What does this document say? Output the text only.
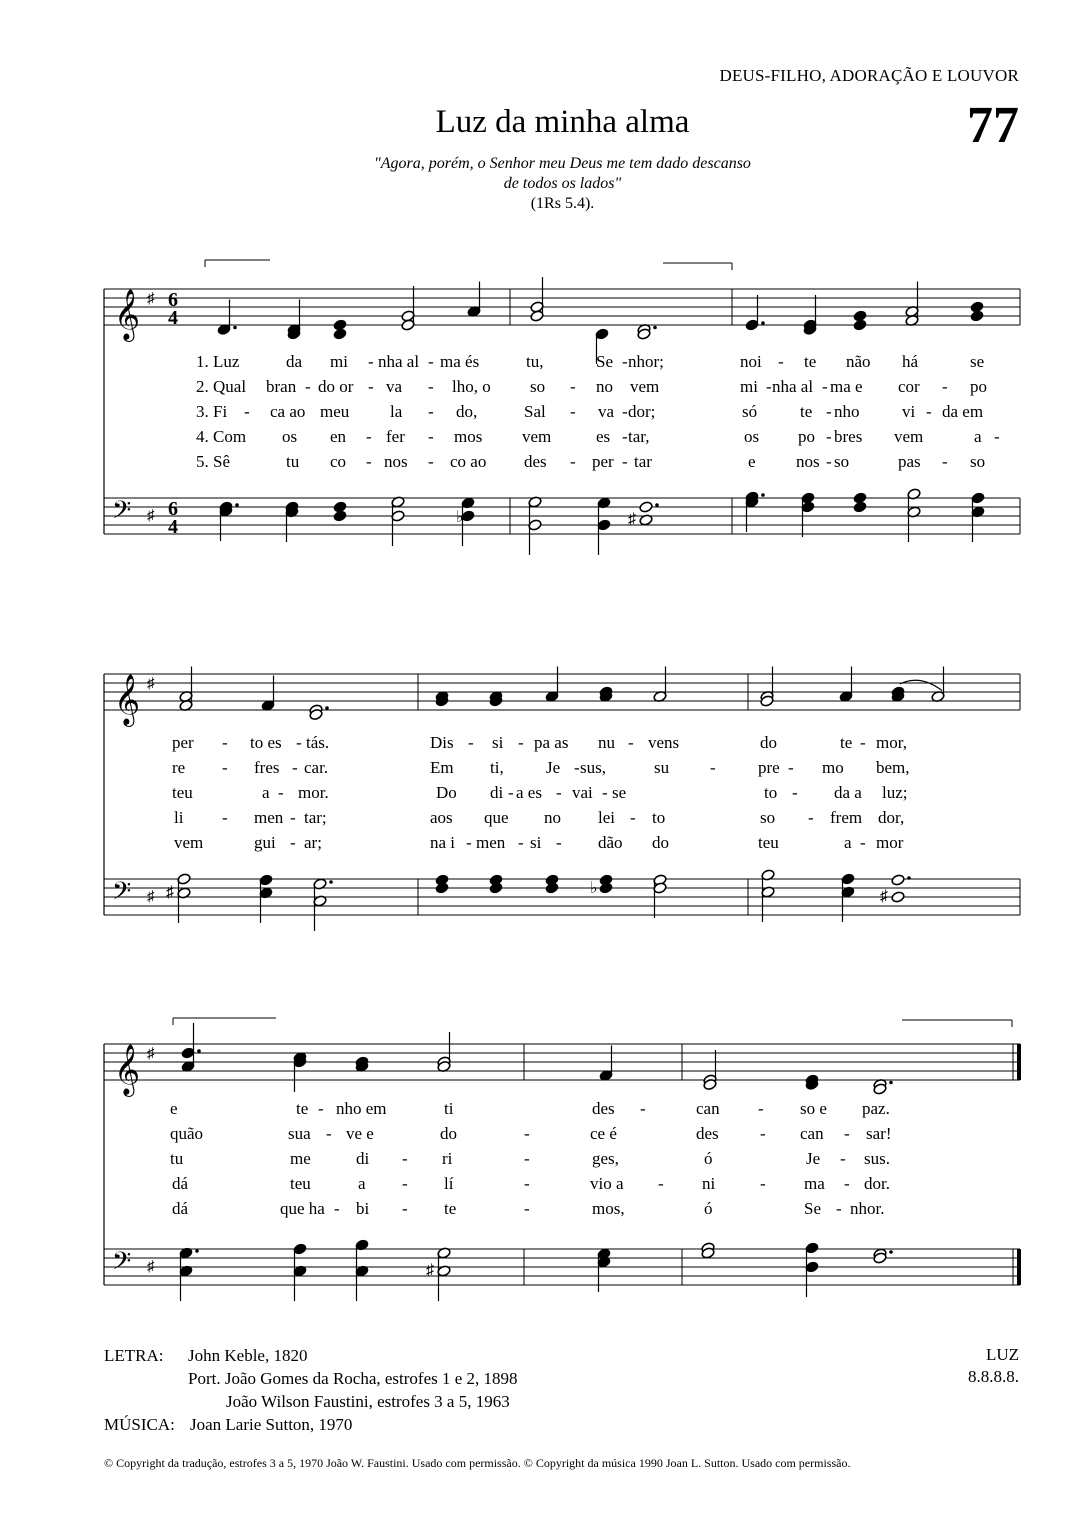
DEUS-FILHO, ADORAÇÃO E LOUVOR
77
Luz da minha alma
"Agora, porém, o Senhor meu Deus me tem dado descanso
de todos os lados"
(1Rs 5.4).
𝄞
𝄢
♯
♯
6
4
6
4	♭	♯
1. Luz	da mi - nha al - ma és	tu,	Se - nhor;	noi - te não há	se
2. Qual bran - do or - va - lho, o so - no vem	mi - nha al - ma e cor - po
3. Fi - ca ao meu la - do,	Sal - va - dor;	só	te - nho	vi - da em
4. Com os en - fer - mos vem	es - tar,	os po - bres vem	a -
5. Sê	tu co - nos - co ao des - per - tar	e nos - so	pas - so
𝄞
𝄢
♯
♯ ♯	♭	♯
per - to es - tás.	Dis - si - pa as nu - vens	do	te - mor,
re - fres - car.	Em ti, Je - sus,	su - pre - mo bem,
teu	a - mor.	Do di - a es - vai - se	to - da a luz;
li - men - tar;	aos que no lei - to	so - frem dor,
vem	gui - ar;	na i - men - si - dão do	teu	a - mor
𝄞
𝄢
♯
♯	♯
e	te - nho em	ti	des -	can - so e paz.
quão	sua - ve e	do	-	ce é	des - can - sar!
tu	me	di - ri	-	ges,	ó	Je - sus.
dá	teu	a - lí	-	vio a - ni	- ma - dor.
dá	que ha - bi - te	-	mos,	ó	Se - nhor.
LETRA: John Keble, 1820
Port. João Gomes da Rocha, estrofes 1 e 2, 1898
João Wilson Faustini, estrofes 3 a 5, 1963
MÚSICA: Joan Larie Sutton, 1970
LUZ
8.8.8.8.
© Copyright da tradução, estrofes 3 a 5, 1970 João W. Faustini. Usado com permissão. © Copyright da música 1990 Joan L. Sutton. Usado com permissão.
